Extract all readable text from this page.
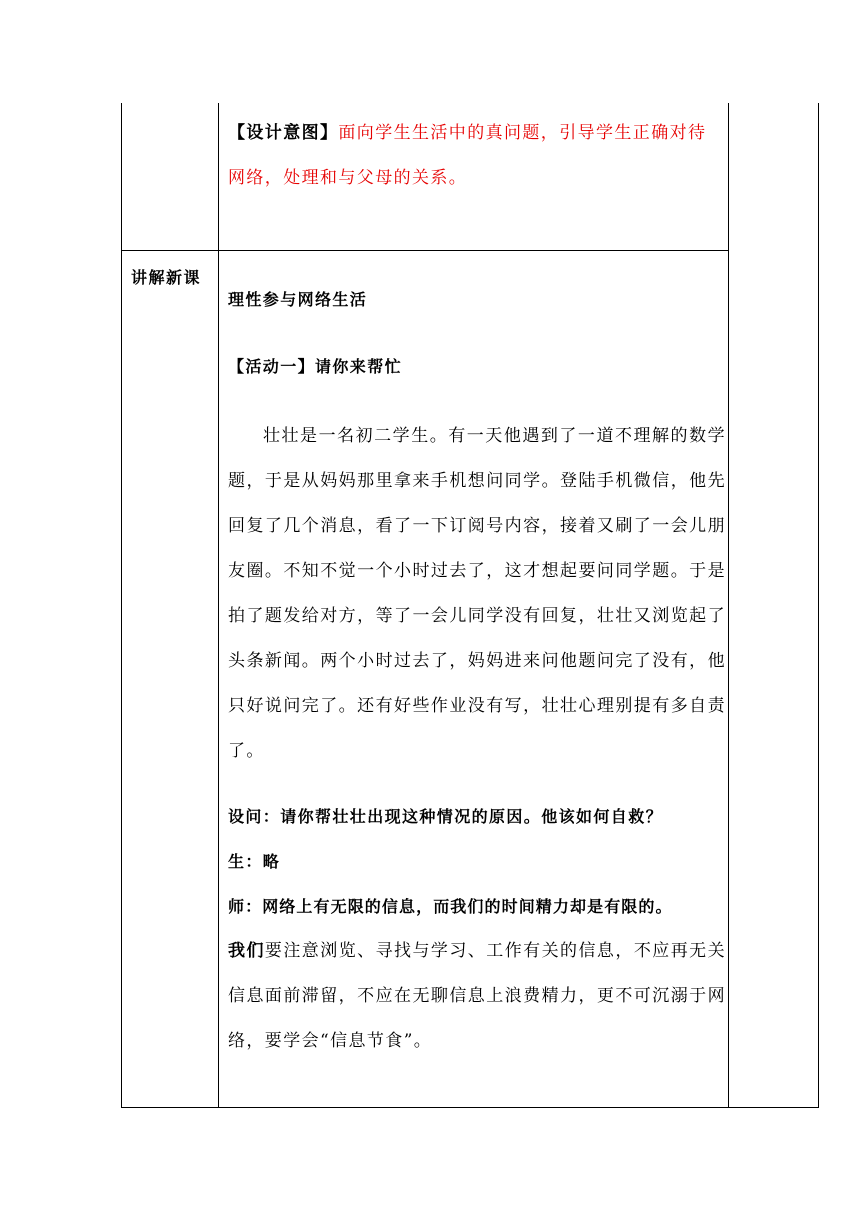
【设计意图】面向学生生活中的真问题，引导学生正确对待
网络，处理和与父母的关系。
讲解新课
理性参与网络生活
【活动一】请你来帮忙
壮壮是一名初二学生。有一天他遇到了一道不理解的数学题，于是从妈妈那里拿来手机想问同学。登陆手机微信，他先回复了几个消息，看了一下订阅号内容，接着又刷了一会儿朋友圈。不知不觉一个小时过去了，这才想起要问同学题。于是拍了题发给对方，等了一会儿同学没有回复，壮壮又浏览起了头条新闻。两个小时过去了，妈妈进来问他题问完了没有，他只好说问完了。还有好些作业没有写，壮壮心理别提有多自责了。
设问：请你帮壮壮出现这种情况的原因。他该如何自救？
生：略
师：网络上有无限的信息，而我们的时间精力却是有限的。
我们要注意浏览、寻找与学习、工作有关的信息，不应再无关信息面前滞留，不应在无聊信息上浪费精力，更不可沉溺于网络，要学会“信息节食”。
